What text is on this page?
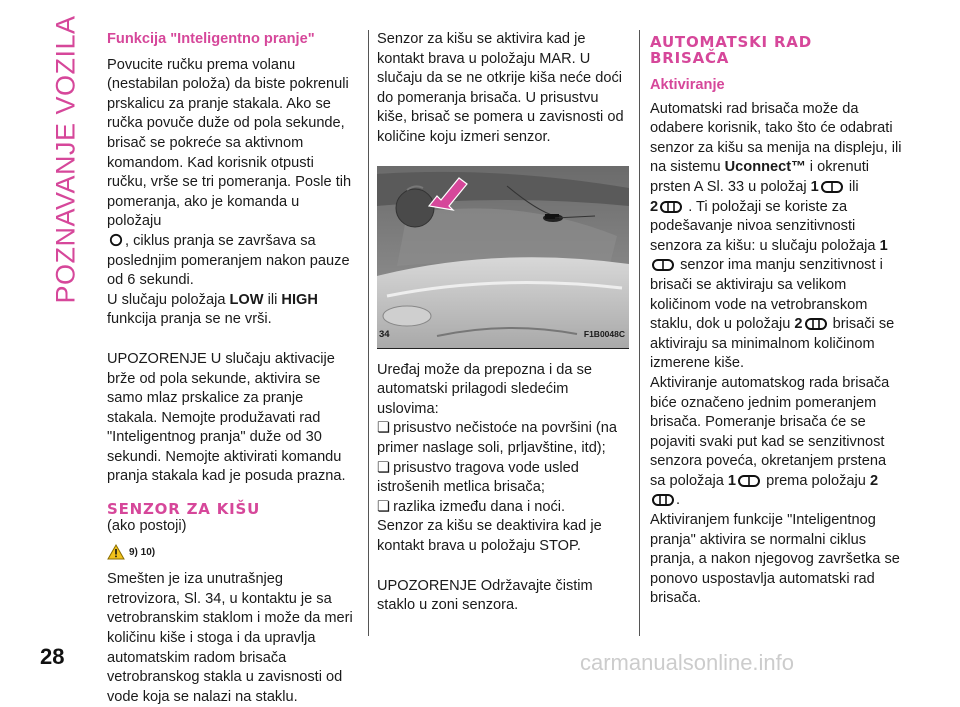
POZNAVANJE VOZILA Funkcija "Inteligentno pranje"

Povucite ručku prema volanu (nestabilan položa) da biste pokrenuli prskalicu za pranje stakala. Ako se ručka povuče duže od pola sekunde, brisač se pokreće sa aktivnom komandom. Kad korisnik otpusti ručku, vrše se tri pomeranja. Posle tih pomeranja, ako je komanda u položaju
, ciklus pranja se završava sa poslednjim pomeranjem nakon pauze od 6 sekundi.

U slučaju položaja LOW ili HIGH
funkcija pranja se ne vrši.

UPOZORENJE U slučaju aktivacije brže od pola sekunde, aktivira se samo mlaz prskalice za pranje stakala. Nemojte produžavati rad "Inteligentnog pranja" duže od 30 sekundi. Nemojte aktivirati komandu pranja stakala kad je posuda prazna.

SENZOR ZA KIŠU

(ako postoji)

9) 10)

Smešten je iza unutrašnjeg retrovizora, Sl. 34, u kontaktu je sa vetrobranskim staklom i može da meri količinu kiše i stoga i da upravlja automatskim radom brisača vetrobranskog stakla u zavisnosti od vode koja se nalazi na staklu.

Senzor za kišu se aktivira kad je kontakt brava u položaju MAR. U slučaju da se ne otkrije kiša neće doći do pomeranja brisača. U prisustvu kiše, brisač se pomera u zavisnosti od količine koju izmeri senzor.

34	F1B0048C

Uređaj može da prepozna i da se automatski prilagodi sledećim uslovima:

❏ prisustvo nečistoće na površini (na primer naslage soli, prljavštine, itd);

❏ prisustvo tragova vode usled istrošenih metlica brisača;

❏ razlika između dana i noći.

Senzor za kišu se deaktivira kad je kontakt brava u položaju STOP.

UPOZORENJE Održavajte čistim staklo u zoni senzora.

AUTOMATSKI RAD
BRISAČA

Aktiviranje

Automatski rad brisača može da odabere korisnik, tako što će odabrati senzor za kišu sa menija na displeju, ili na sistemu Uconnect™ i okrenuti prsten A Sl. 33 u položaj 1 ili
2 . Ti položaji se koriste za podešavanje nivoa senzitivnosti senzora za kišu: u slučaju položaja 1 senzor ima manju senzitivnost i brisači se aktiviraju sa velikom količinom vode na vetrobranskom staklu, dok u položaju 2 brisači se aktiviraju sa minimalnom količinom izmerene kiše.

Aktiviranje automatskog rada brisača biće označeno jednim pomeranjem brisača. Pomeranje brisača će se pojaviti svaki put kad se senzitivnost senzora poveća, okretanjem prstena sa položaja 1 prema položaju 2
.

Aktiviranjem funkcije "Inteligentnog pranja" aktivira se normalni ciklus pranja, a nakon njegovog završetka se ponovo uspostavlja automatski rad brisača.

28	carmanualsonline.info
